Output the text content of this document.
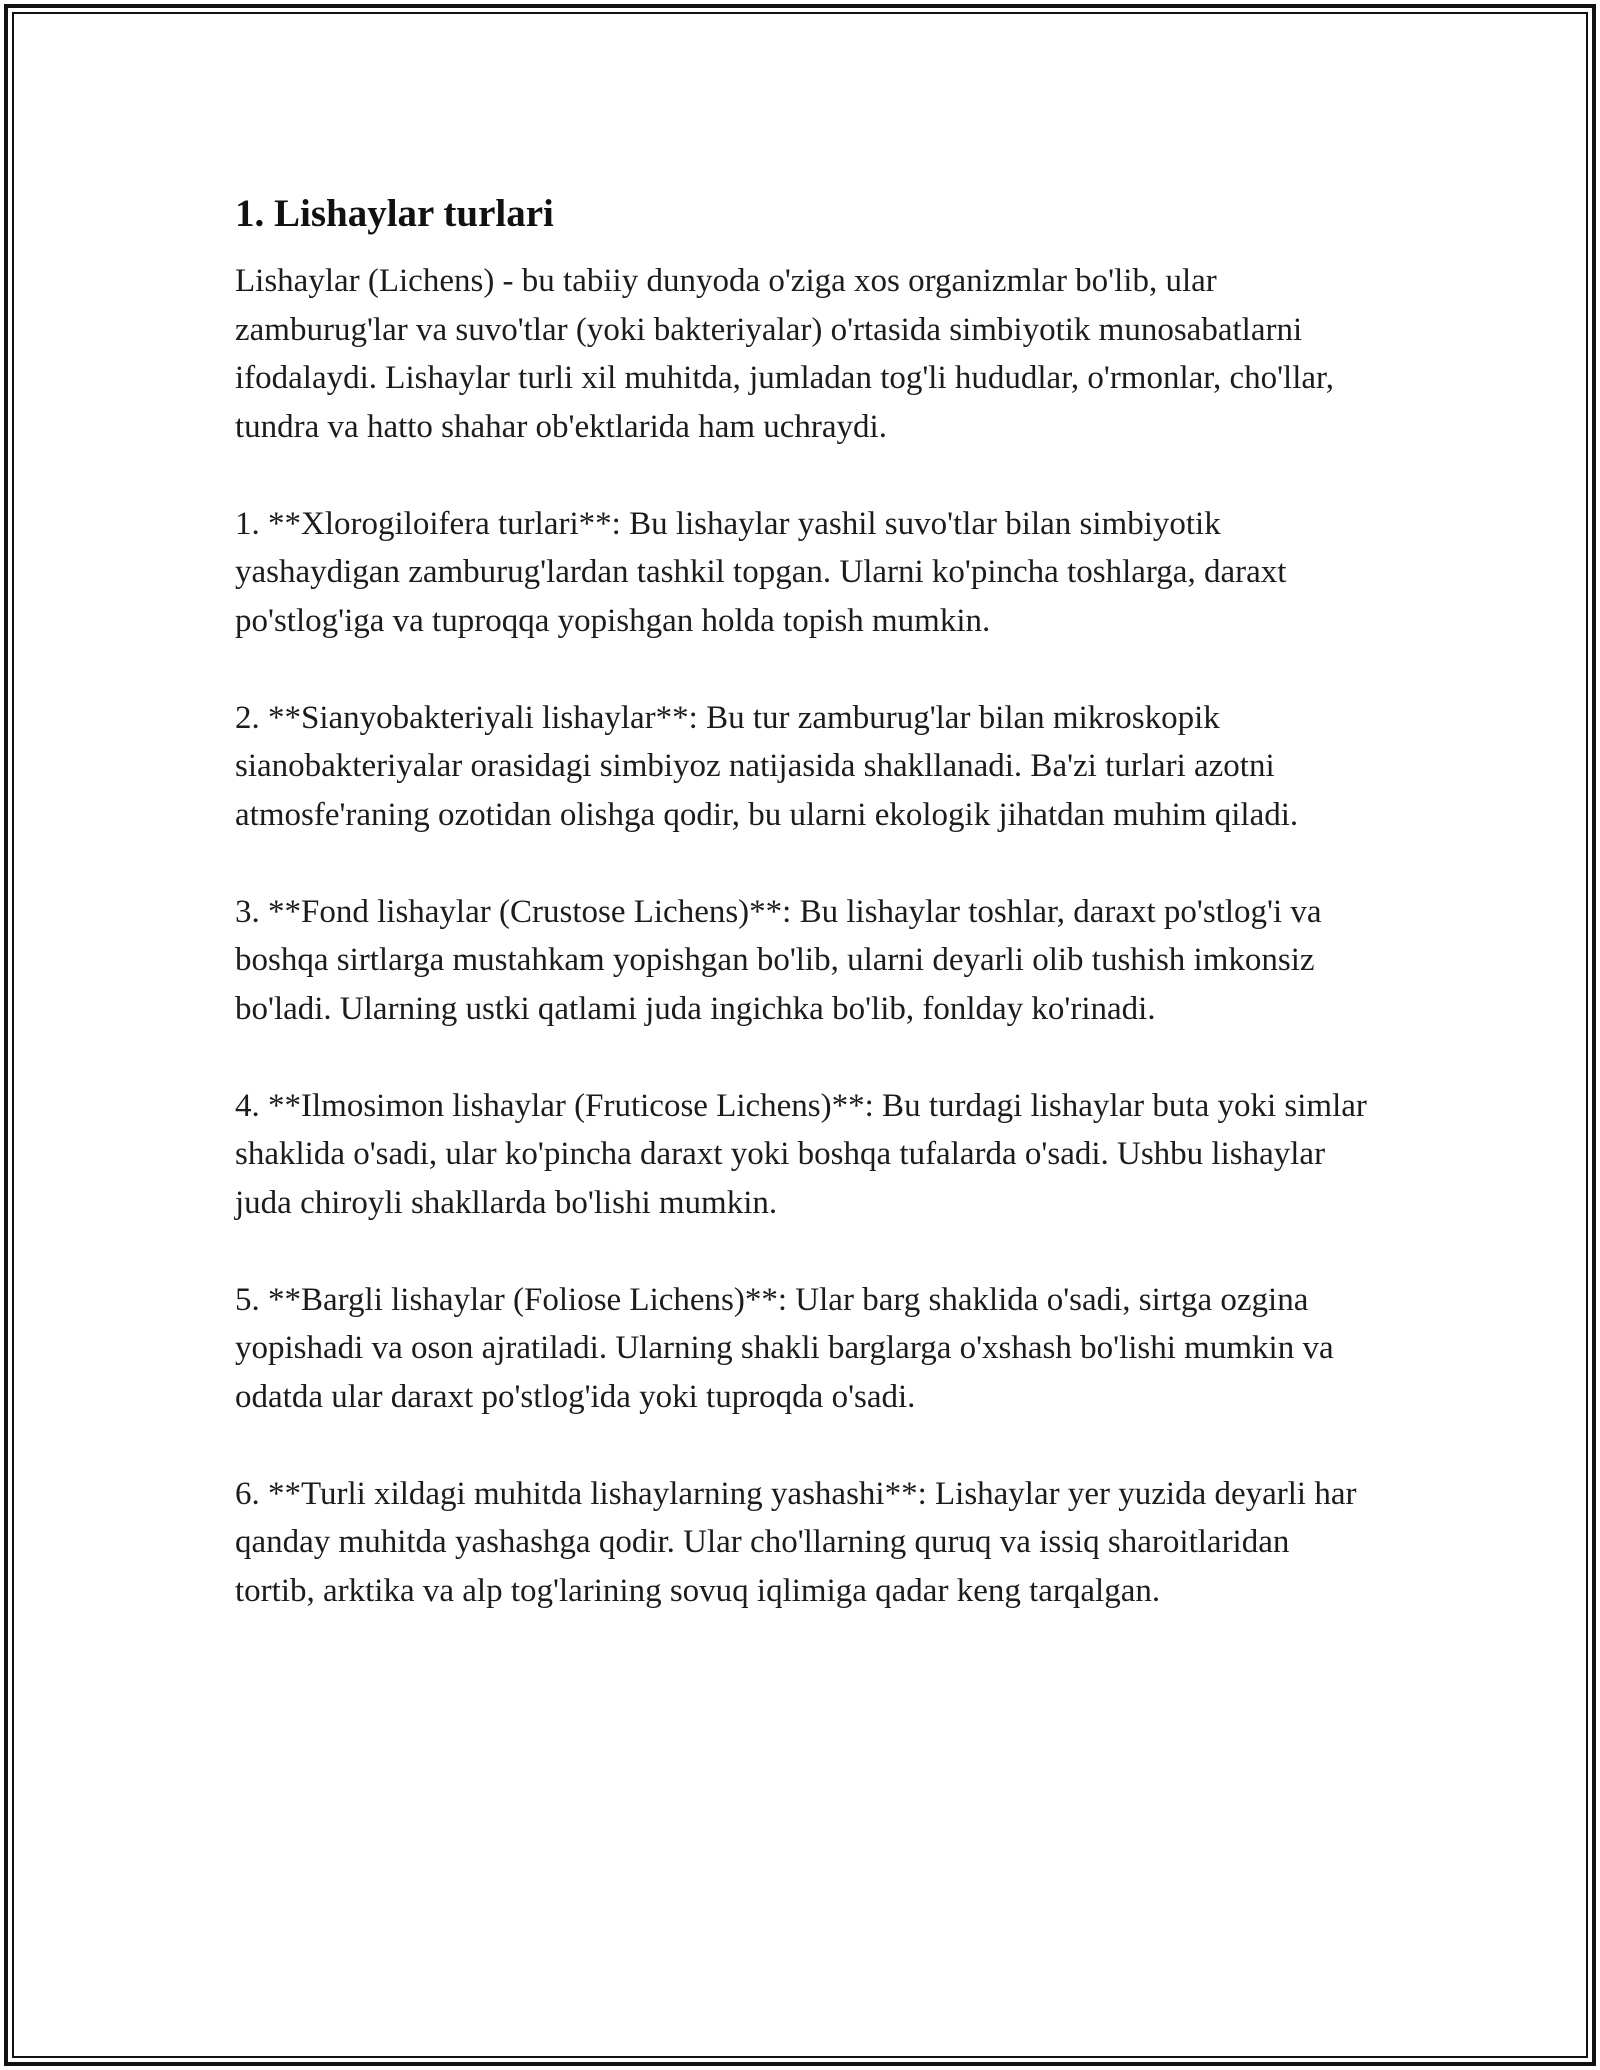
1. Lishaylar turlari

Lishaylar (Lichens) - bu tabiiy dunyoda o'ziga xos organizmlar bo'lib, ular zamburug'lar va suvo'tlar (yoki bakteriyalar) o'rtasida simbiyotik munosabatlarni ifodalaydi. Lishaylar turli xil muhitda, jumladan tog'li hududlar, o'rmonlar, cho'llar, tundra va hatto shahar ob'ektlarida ham uchraydi.

1. **Xlorogiloifera turlari**: Bu lishaylar yashil suvo'tlar bilan simbiyotik yashaydigan zamburug'lardan tashkil topgan. Ularni ko'pincha toshlarga, daraxt po'stlog'iga va tuproqqa yopishgan holda topish mumkin.

2. **Sianyobakteriyali lishaylar**: Bu tur zamburug'lar bilan mikroskopik sianobakteriyalar orasidagi simbiyoz natijasida shakllanadi. Ba'zi turlari azotni atmosfe'raning ozotidan olishga qodir, bu ularni ekologik jihatdan muhim qiladi.

3. **Fond lishaylar (Crustose Lichens)**: Bu lishaylar toshlar, daraxt po'stlog'i va boshqa sirtlarga mustahkam yopishgan bo'lib, ularni deyarli olib tushish imkonsiz bo'ladi. Ularning ustki qatlami juda ingichka bo'lib, fonlday ko'rinadi.

4. **Ilmosimon lishaylar (Fruticose Lichens)**: Bu turdagi lishaylar buta yoki simlar shaklida o'sadi, ular ko'pincha daraxt yoki boshqa tufalarda o'sadi. Ushbu lishaylar juda chiroyli shakllarda bo'lishi mumkin.

5. **Bargli lishaylar (Foliose Lichens)**: Ular barg shaklida o'sadi, sirtga ozgina yopishadi va oson ajratiladi. Ularning shakli barglarga o'xshash bo'lishi mumkin va odatda ular daraxt po'stlog'ida yoki tuproqda o'sadi.

6. **Turli xildagi muhitda lishaylarning yashashi**: Lishaylar yer yuzida deyarli har qanday muhitda yashashga qodir. Ular cho'llarning quruq va issiq sharoitlaridan tortib, arktika va alp tog'larining sovuq iqlimiga qadar keng tarqalgan.
